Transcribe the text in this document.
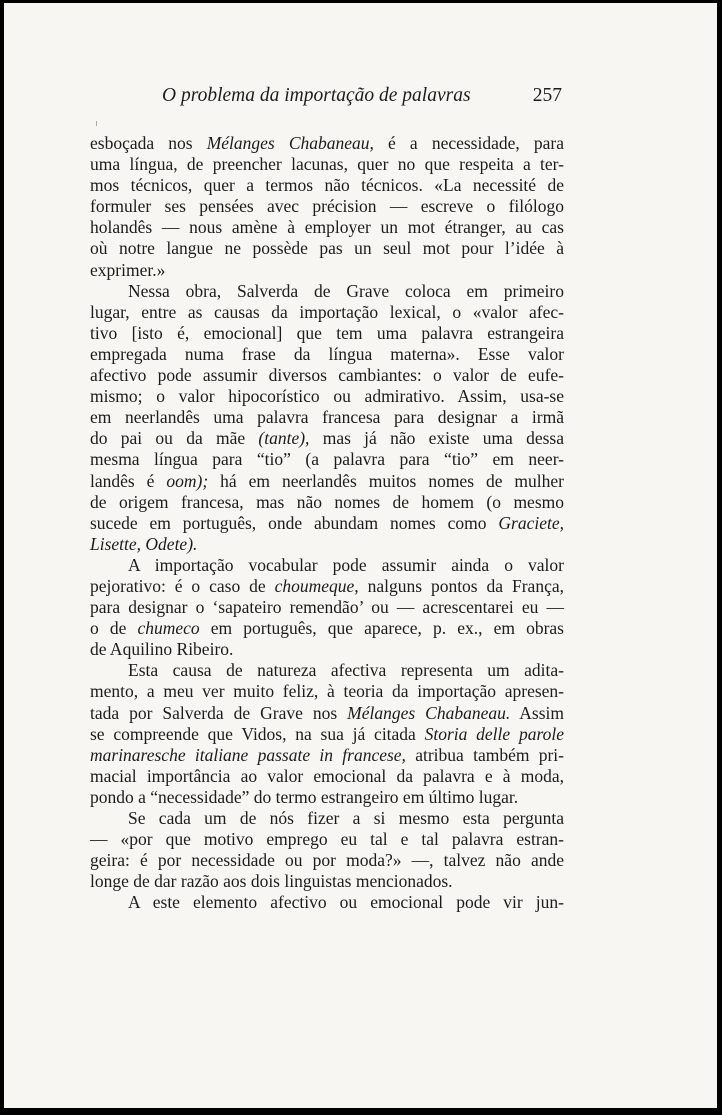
O problema da importação de palavras	257
esboçada nos Mélanges Chabaneau, é a necessidade, para
uma língua, de preencher lacunas, quer no que respeita a ter-
mos técnicos, quer a termos não técnicos. «La necessité de
formuler ses pensées avec précision — escreve o filólogo
holandês — nous amène à employer un mot étranger, au cas
où notre langue ne possède pas un seul mot pour l’idée à
exprimer.»
Nessa obra, Salverda de Grave coloca em primeiro
lugar, entre as causas da importação lexical, o «valor afec-
tivo [isto é, emocional] que tem uma palavra estrangeira
empregada numa frase da língua materna». Esse valor
afectivo pode assumir diversos cambiantes: o valor de eufe-
mismo; o valor hipocorístico ou admirativo. Assim, usa-se
em neerlandês uma palavra francesa para designar a irmã
do pai ou da mãe (tante), mas já não existe uma dessa
mesma língua para “tio” (a palavra para “tio” em neer-
landês é oom); há em neerlandês muitos nomes de mulher
de origem francesa, mas não nomes de homem (o mesmo
sucede em português, onde abundam nomes como Graciete,
Lisette, Odete).
A importação vocabular pode assumir ainda o valor
pejorativo: é o caso de choumeque, nalguns pontos da França,
para designar o ‘sapateiro remendão’ ou — acrescentarei eu —
o de chumeco em português, que aparece, p. ex., em obras
de Aquilino Ribeiro.
Esta causa de natureza afectiva representa um adita-
mento, a meu ver muito feliz, à teoria da importação apresen-
tada por Salverda de Grave nos Mélanges Chabaneau. Assim
se compreende que Vidos, na sua já citada Storia delle parole
marinaresche italiane passate in francese, atribua também pri-
macial importância ao valor emocional da palavra e à moda,
pondo a “necessidade” do termo estrangeiro em último lugar.
Se cada um de nós fizer a si mesmo esta pergunta
— «por que motivo emprego eu tal e tal palavra estran-
geira: é por necessidade ou por moda?» —, talvez não ande
longe de dar razão aos dois linguistas mencionados.
A este elemento afectivo ou emocional pode vir jun-
